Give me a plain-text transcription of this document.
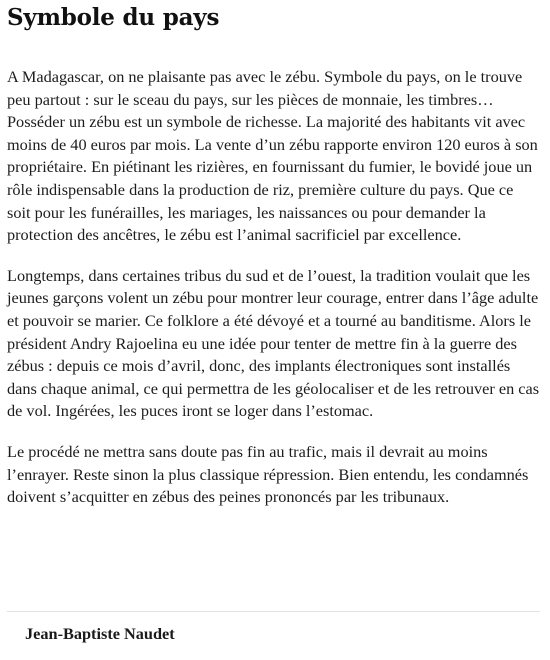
Symbole du pays

A Madagascar, on ne plaisante pas avec le zébu. Symbole du pays, on le trouve peu partout : sur le sceau du pays, sur les pièces de monnaie, les timbres… Posséder un zébu est un symbole de richesse. La majorité des habitants vit avec moins de 40 euros par mois. La vente d’un zébu rapporte environ 120 euros à son propriétaire. En piétinant les rizières, en fournissant du fumier, le bovidé joue un rôle indispensable dans la production de riz, première culture du pays. Que ce soit pour les funérailles, les mariages, les naissances ou pour demander la protection des ancêtres, le zébu est l’animal sacrificiel par excellence.

Longtemps, dans certaines tribus du sud et de l’ouest, la tradition voulait que les jeunes garçons volent un zébu pour montrer leur courage, entrer dans l’âge adulte et pouvoir se marier. Ce folklore a été dévoyé et a tourné au banditisme. Alors le président Andry Rajoelina eu une idée pour tenter de mettre fin à la guerre des zébus : depuis ce mois d’avril, donc, des implants électroniques sont installés dans chaque animal, ce qui permettra de les géolocaliser et de les retrouver en cas de vol. Ingérées, les puces iront se loger dans l’estomac.

Le procédé ne mettra sans doute pas fin au trafic, mais il devrait au moins l’enrayer. Reste sinon la plus classique répression. Bien entendu, les condamnés doivent s’acquitter en zébus des peines prononcés par les tribunaux.

Jean-Baptiste Naudet
